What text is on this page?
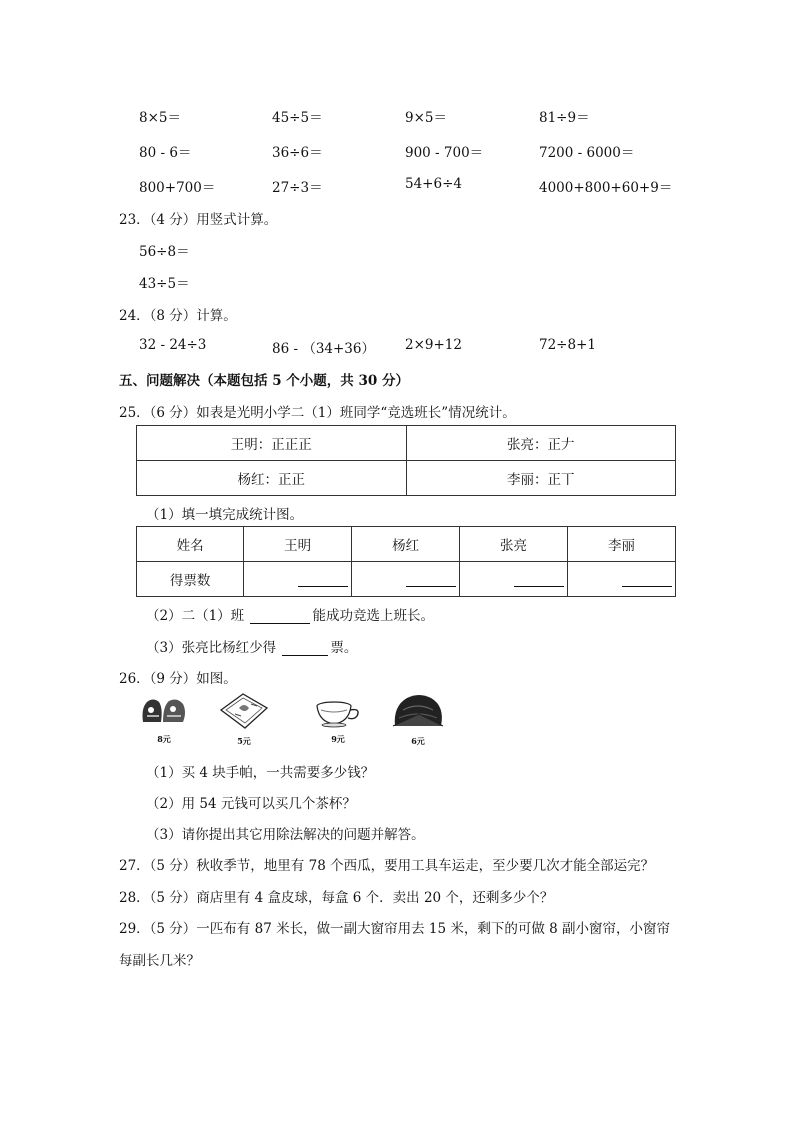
8×5＝	45÷5＝	9×5＝	81÷9＝
80 - 6＝	36÷6＝	900 - 700＝	7200 - 6000＝
800+700＝	27÷3＝	54+6÷4	4000+800+60+9＝
23．（4 分）用竖式计算。
56÷8＝
43÷5＝
24．（8 分）计算。
32 - 24÷3	86 - （34+36） 2×9+12	72÷8+1
五、问题解决（本题包括 5 个小题，共 30 分）
25．（6 分）如表是光明小学二（1）班同学“竞选班长”情况统计。
王明：正正正	张亮：正𠂇
杨红：正正	李丽：正丅
（1）填一填完成统计图。
姓名	王明	杨红	张亮	李丽
得票数				
（2）二（1）班	能成功竞选上班长。
（3）张亮比杨红少得	票。
26．（9 分）如图。
8元	5元	9元	6元
（1）买 4 块手帕，一共需要多少钱？
（2）用 54 元钱可以买几个茶杯？
（3）请你提出其它用除法解决的问题并解答。
27．（5 分）秋收季节，地里有 78 个西瓜，要用工具车运走，至少要几次才能全部运完？
28．（5 分）商店里有 4 盒皮球，每盒 6 个．卖出 20 个，还剩多少个？
29．（5 分）一匹布有 87 米长，做一副大窗帘用去 15 米，剩下的可做 8 副小窗帘，小窗帘
每副长几米？
